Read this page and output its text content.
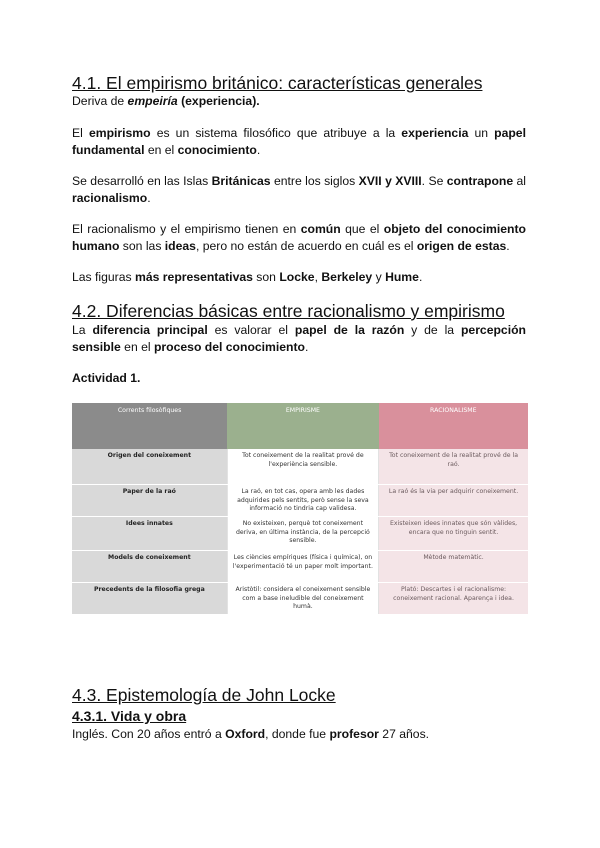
4.1. El empirismo británico: características generales
Deriva de empeiría (experiencia).
El empirismo es un sistema filosófico que atribuye a la experiencia un papel fundamental en el conocimiento.
Se desarrolló en las Islas Británicas entre los siglos XVII y XVIII. Se contrapone al racionalismo.
El racionalismo y el empirismo tienen en común que el objeto del conocimiento humano son las ideas, pero no están de acuerdo en cuál es el origen de estas.
Las figuras más representativas son Locke, Berkeley y Hume.
4.2. Diferencias básicas entre racionalismo y empirismo
La diferencia principal es valorar el papel de la razón y de la percepción sensible en el proceso del conocimiento.
Actividad 1.
Corrents filosòfiques	EMPIRISME	RACIONALISME
Origen del coneixement	Tot coneixement de la realitat prové de l'experiència sensible.	Tot coneixement de la realitat prové de la raó.
Paper de la raó	La raó, en tot cas, opera amb les dades adquirides pels sentits, però sense la seva informació no tindria cap validesa.	La raó és la via per adquirir coneixement.
Idees innates	No existeixen, perquè tot coneixement deriva, en última instància, de la percepció sensible.	Existeixen idees innates que són vàlides, encara que no tinguin sentit.
Models de coneixement	Les ciències empíriques (física i química), on l'experimentació té un paper molt important.	Mètode matemàtic.
Precedents de la filosofia grega	Aristòtil: considera el coneixement sensible com a base ineludible del coneixement humà.	Plató: Descartes i el racionalisme: coneixement racional. Aparença i idea.
4.3. Epistemología de John Locke
4.3.1. Vida y obra
Inglés. Con 20 años entró a Oxford, donde fue profesor 27 años.
